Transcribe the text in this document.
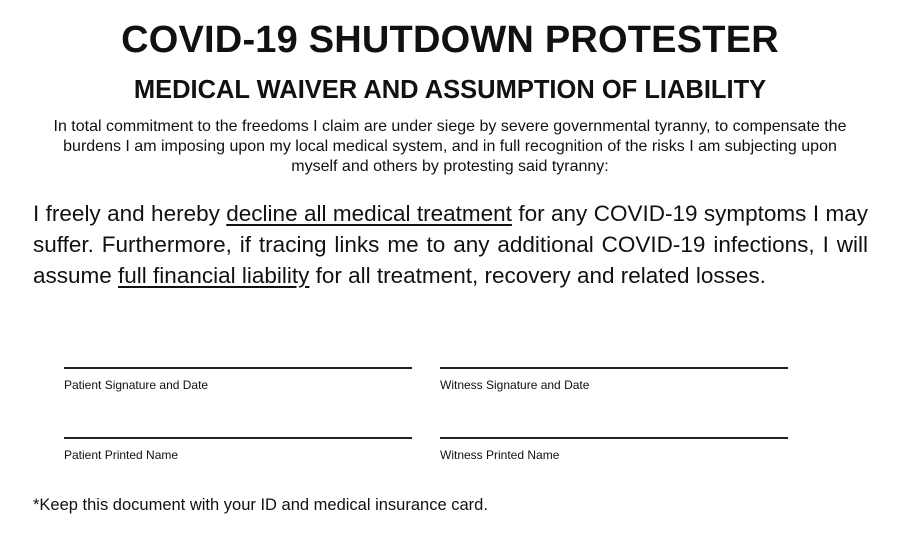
COVID-19 SHUTDOWN PROTESTER
MEDICAL WAIVER AND ASSUMPTION OF LIABILITY

In total commitment to the freedoms I claim are under siege by severe governmental tyranny, to compensate the burdens I am imposing upon my local medical system, and in full recognition of the risks I am subjecting upon myself and others by protesting said tyranny:

I freely and hereby decline all medical treatment for any COVID-19 symptoms I may suffer. Furthermore, if tracing links me to any additional COVID-19 infections, I will assume full financial liability for all treatment, recovery and related losses.

Patient Signature and Date	Witness Signature and Date
Patient Printed Name	Witness Printed Name

*Keep this document with your ID and medical insurance card.
